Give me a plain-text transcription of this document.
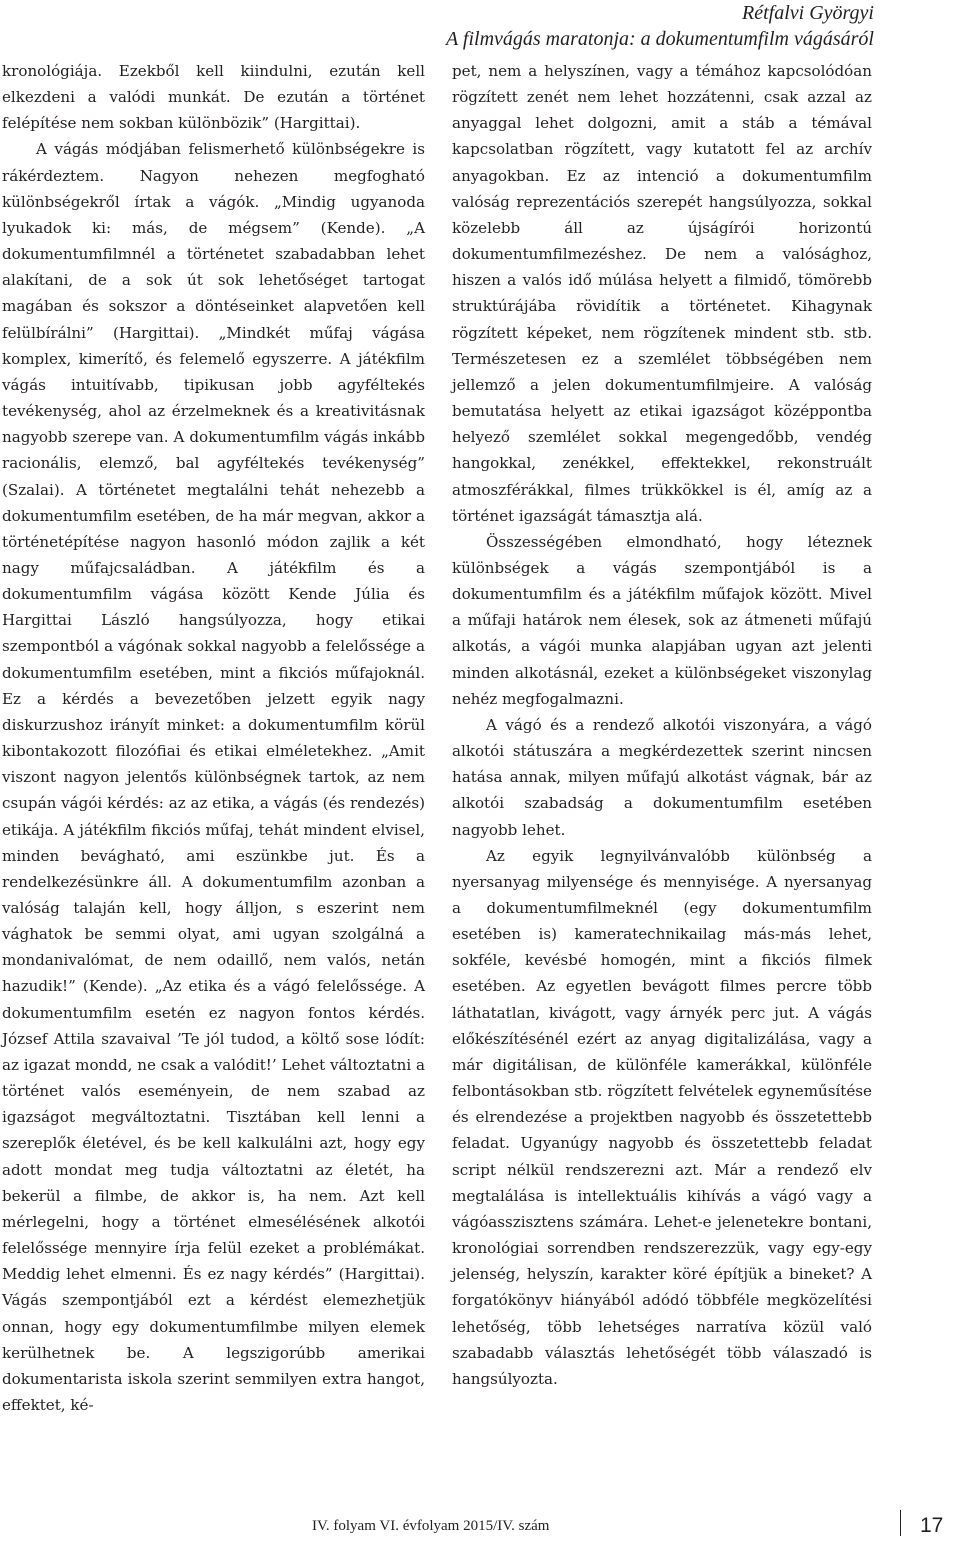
Rétfalvi Györgyi
A filmvágás maratonja: a dokumentumfilm vágásáról

kronológiája. Ezekből kell kiindulni, ezután kell elkezdeni a valódi munkát. De ezután a történet felépítése nem sokban különbözik” (Hargittai).

A vágás módjában felismerhető különbségekre is rákérdeztem. Nagyon nehezen megfogható különbségekről írtak a vágók. „Mindig ugyanoda lyukadok ki: más, de mégsem” (Kende). „A dokumentumfilmnél a történetet szabadabban lehet alakítani, de a sok út sok lehetőséget tartogat magában és sokszor a döntéseinket alapvetően kell felülbírálni” (Hargittai). „Mindkét műfaj vágása komplex, kimerítő, és felemelő egyszerre. A játékfilm vágás intuitívabb, tipikusan jobb agyféltekés tevékenység, ahol az érzelmeknek és a kreativitásnak nagyobb szerepe van. A dokumentumfilm vágás inkább racionális, elemző, bal agyféltekés tevékenység” (Szalai). A történetet megtalálni tehát nehezebb a dokumentumfilm esetében, de ha már megvan, akkor a történetépítése nagyon hasonló módon zajlik a két nagy műfajcsaládban. A játékfilm és a dokumentumfilm vágása között Kende Júlia és Hargittai László hangsúlyozza, hogy etikai szempontból a vágónak sokkal nagyobb a felelőssége a dokumentumfilm esetében, mint a fikciós műfajoknál. Ez a kérdés a bevezetőben jelzett egyik nagy diskurzushoz irányít minket: a dokumentumfilm körül kibontakozott filozófiai és etikai elméletekhez. „Amit viszont nagyon jelentős különbségnek tartok, az nem csupán vágói kérdés: az az etika, a vágás (és rendezés) etikája. A játékfilm fikciós műfaj, tehát mindent elvisel, minden bevágható, ami eszünkbe jut. És a rendelkezésünkre áll. A dokumentumfilm azonban a valóság talaján kell, hogy álljon, s eszerint nem vághatok be semmi olyat, ami ugyan szolgálná a mondanivalómat, de nem odaillő, nem valós, netán hazudik!” (Kende). „Az etika és a vágó felelőssége. A dokumentumfilm esetén ez nagyon fontos kérdés. József Attila szavaival ’Te jól tudod, a költő sose lódít: az igazat mondd, ne csak a valódit!’ Lehet változtatni a történet valós eseményein, de nem szabad az igazságot megváltoztatni. Tisztában kell lenni a szereplők életével, és be kell kalkulálni azt, hogy egy adott mondat meg tudja változtatni az életét, ha bekerül a filmbe, de akkor is, ha nem. Azt kell mérlegelni, hogy a történet elmesélésének alkotói felelőssége mennyire írja felül ezeket a problémákat. Meddig lehet elmenni. És ez nagy kérdés” (Hargittai). Vágás szempontjából ezt a kérdést elemezhetjük onnan, hogy egy dokumentumfilmbe milyen elemek kerülhetnek be. A legszigorúbb amerikai dokumentarista iskola szerint semmilyen extra hangot, effektet, ké-

pet, nem a helyszínen, vagy a témához kapcsolódóan rögzített zenét nem lehet hozzátenni, csak azzal az anyaggal lehet dolgozni, amit a stáb a témával kapcsolatban rögzített, vagy kutatott fel az archív anyagokban. Ez az intenció a dokumentumfilm valóság reprezentációs szerepét hangsúlyozza, sokkal közelebb áll az újságírói horizontú dokumentumfilmezéshez. De nem a valósághoz, hiszen a valós idő múlása helyett a filmidő, tömörebb struktúrájába rövidítik a történetet. Kihagynak rögzített képeket, nem rögzítenek mindent stb. stb. Természetesen ez a szemlélet többségében nem jellemző a jelen dokumentumfilmjeire. A valóság bemutatása helyett az etikai igazságot középpontba helyező szemlélet sokkal megengedőbb, vendég hangokkal, zenékkel, effektekkel, rekonstruált atmoszférákkal, filmes trükkökkel is él, amíg az a történet igazságát támasztja alá.

Összességében elmondható, hogy léteznek különbségek a vágás szempontjából is a dokumentumfilm és a játékfilm műfajok között. Mivel a műfaji határok nem élesek, sok az átmeneti műfajú alkotás, a vágói munka alapjában ugyan azt jelenti minden alkotásnál, ezeket a különbségeket viszonylag nehéz megfogalmazni.

A vágó és a rendező alkotói viszonyára, a vágó alkotói státuszára a megkérdezettek szerint nincsen hatása annak, milyen műfajú alkotást vágnak, bár az alkotói szabadság a dokumentumfilm esetében nagyobb lehet.

Az egyik legnyilvánvalóbb különbség a nyersanyag milyensége és mennyisége. A nyersanyag a dokumentumfilmeknél (egy dokumentumfilm esetében is) kameratechnikailag más-más lehet, sokféle, kevésbé homogén, mint a fikciós filmek esetében. Az egyetlen bevágott filmes percre több láthatatlan, kivágott, vagy árnyék perc jut. A vágás előkészítésénél ezért az anyag digitalizálása, vagy a már digitálisan, de különféle kamerákkal, különféle felbontásokban stb. rögzített felvételek egyneműsítése és elrendezése a projektben nagyobb és összetettebb feladat. Ugyanúgy nagyobb és összetettebb feladat script nélkül rendszerezni azt. Már a rendező elv megtalálása is intellektuális kihívás a vágó vagy a vágóasszisztens számára. Lehet-e jelenetekre bontani, kronológiai sorrendben rendszerezzük, vagy egy-egy jelenség, helyszín, karakter köré építjük a bineket? A forgatókönyv hiányából adódó többféle megközelítési lehetőség, több lehetséges narratíva közül való szabadabb választás lehetőségét több válaszadó is hangsúlyozta.

IV. folyam VI. évfolyam 2015/IV. szám	17
